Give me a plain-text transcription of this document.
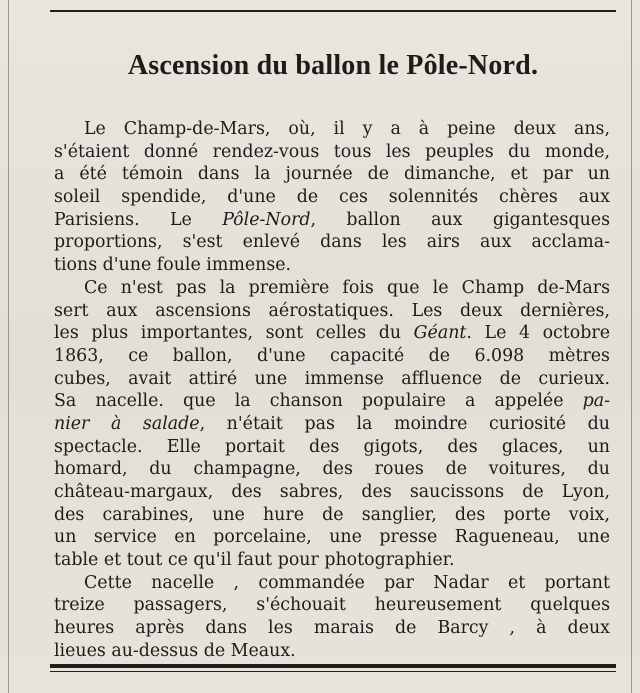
Ascension du ballon le Pôle-Nord.
Le Champ-de-Mars, où, il y a à peine deux ans,
s'étaient donné rendez-vous tous les peuples du monde,
a été témoin dans la journée de dimanche, et par un
soleil spendide, d'une de ces solennités chères aux
Parisiens. Le Pôle-Nord, ballon aux gigantesques
proportions, s'est enlevé dans les airs aux acclama-
tions d'une foule immense.
Ce n'est pas la première fois que le Champ de-Mars
sert aux ascensions aérostatiques. Les deux dernières,
les plus importantes, sont celles du Géant. Le 4 octobre
1863, ce ballon, d'une capacité de 6.098 mètres
cubes, avait attiré une immense affluence de curieux.
Sa nacelle. que la chanson populaire a appelée pa-
nier à salade, n'était pas la moindre curiosité du
spectacle. Elle portait des gigots, des glaces, un
homard, du champagne, des roues de voitures, du
château-margaux, des sabres, des saucissons de Lyon,
des carabines, une hure de sanglier, des porte voix,
un service en porcelaine, une presse Ragueneau, une
table et tout ce qu'il faut pour photographier.
Cette nacelle , commandée par Nadar et portant
treize passagers, s'échouait heureusement quelques
heures après dans les marais de Barcy , à deux
lieues au-dessus de Meaux.
